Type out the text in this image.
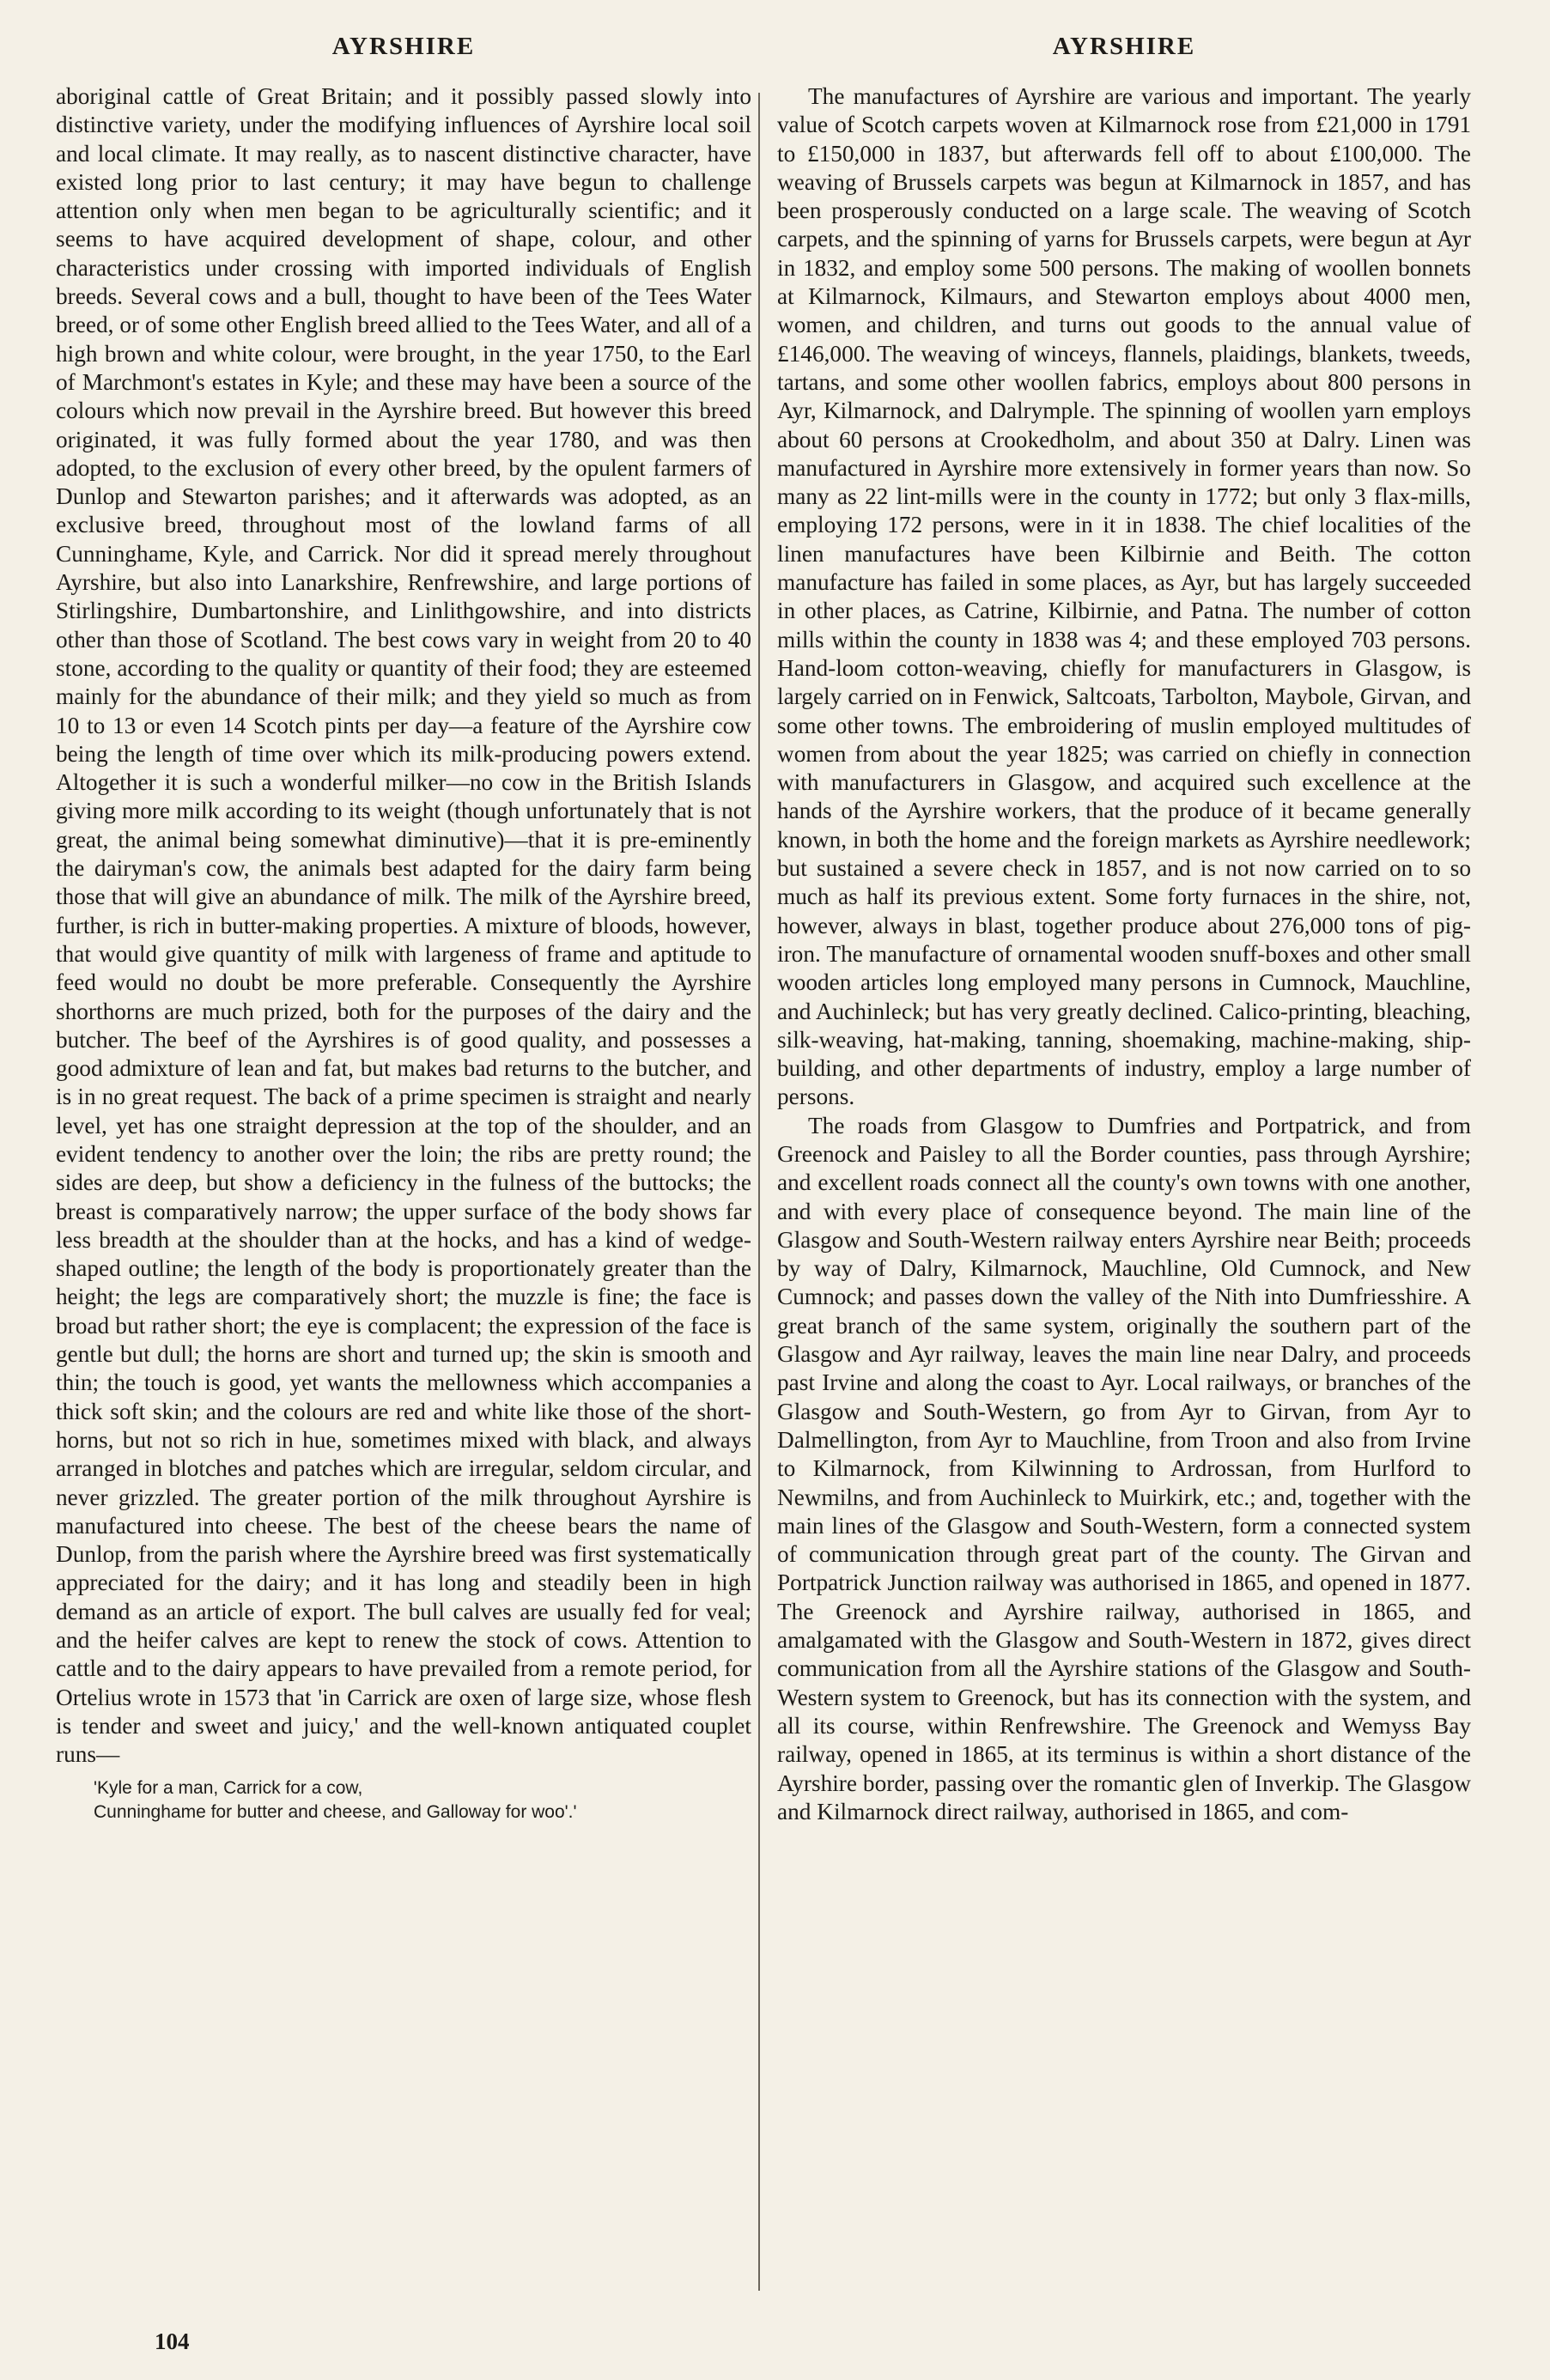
AYRSHIRE

aboriginal cattle of Great Britain; and it possibly passed slowly into distinctive variety, under the modifying influences of Ayrshire local soil and local climate. It may really, as to nascent distinctive character, have existed long prior to last century; it may have begun to challenge attention only when men began to be agriculturally scientific; and it seems to have acquired development of shape, colour, and other characteristics under crossing with imported individuals of English breeds. Several cows and a bull, thought to have been of the Tees Water breed, or of some other English breed allied to the Tees Water, and all of a high brown and white colour, were brought, in the year 1750, to the Earl of Marchmont's estates in Kyle; and these may have been a source of the colours which now prevail in the Ayrshire breed. But however this breed originated, it was fully formed about the year 1780, and was then adopted, to the exclusion of every other breed, by the opulent farmers of Dunlop and Stewarton parishes; and it afterwards was adopted, as an exclusive breed, throughout most of the lowland farms of all Cunninghame, Kyle, and Carrick. Nor did it spread merely throughout Ayrshire, but also into Lanarkshire, Renfrewshire, and large portions of Stirlingshire, Dumbartonshire, and Linlithgowshire, and into districts other than those of Scotland. The best cows vary in weight from 20 to 40 stone, according to the quality or quantity of their food; they are esteemed mainly for the abundance of their milk; and they yield so much as from 10 to 13 or even 14 Scotch pints per day—a feature of the Ayrshire cow being the length of time over which its milk-producing powers extend. Altogether it is such a wonderful milker—no cow in the British Islands giving more milk according to its weight (though unfortunately that is not great, the animal being somewhat diminutive)—that it is pre-eminently the dairyman's cow, the animals best adapted for the dairy farm being those that will give an abundance of milk. The milk of the Ayrshire breed, further, is rich in butter-making properties. A mixture of bloods, however, that would give quantity of milk with largeness of frame and aptitude to feed would no doubt be more preferable. Consequently the Ayrshire shorthorns are much prized, both for the purposes of the dairy and the butcher. The beef of the Ayrshires is of good quality, and possesses a good admixture of lean and fat, but makes bad returns to the butcher, and is in no great request. The back of a prime specimen is straight and nearly level, yet has one straight depression at the top of the shoulder, and an evident tendency to another over the loin; the ribs are pretty round; the sides are deep, but show a deficiency in the fulness of the buttocks; the breast is comparatively narrow; the upper surface of the body shows far less breadth at the shoulder than at the hocks, and has a kind of wedge-shaped outline; the length of the body is proportionately greater than the height; the legs are comparatively short; the muzzle is fine; the face is broad but rather short; the eye is complacent; the expression of the face is gentle but dull; the horns are short and turned up; the skin is smooth and thin; the touch is good, yet wants the mellowness which accompanies a thick soft skin; and the colours are red and white like those of the short-horns, but not so rich in hue, sometimes mixed with black, and always arranged in blotches and patches which are irregular, seldom circular, and never grizzled. The greater portion of the milk throughout Ayrshire is manufactured into cheese. The best of the cheese bears the name of Dunlop, from the parish where the Ayrshire breed was first systematically appreciated for the dairy; and it has long and steadily been in high demand as an article of export. The bull calves are usually fed for veal; and the heifer calves are kept to renew the stock of cows. Attention to cattle and to the dairy appears to have prevailed from a remote period, for Ortelius wrote in 1573 that 'in Carrick are oxen of large size, whose flesh is tender and sweet and juicy,' and the well-known antiquated couplet runs—

'Kyle for a man, Carrick for a cow,
Cunninghame for butter and cheese, and Galloway for woo'.'
AYRSHIRE

The manufactures of Ayrshire are various and important. The yearly value of Scotch carpets woven at Kilmarnock rose from £21,000 in 1791 to £150,000 in 1837, but afterwards fell off to about £100,000. The weaving of Brussels carpets was begun at Kilmarnock in 1857, and has been prosperously conducted on a large scale. The weaving of Scotch carpets, and the spinning of yarns for Brussels carpets, were begun at Ayr in 1832, and employ some 500 persons. The making of woollen bonnets at Kilmarnock, Kilmaurs, and Stewarton employs about 4000 men, women, and children, and turns out goods to the annual value of £146,000. The weaving of winceys, flannels, plaidings, blankets, tweeds, tartans, and some other woollen fabrics, employs about 800 persons in Ayr, Kilmarnock, and Dalrymple. The spinning of woollen yarn employs about 60 persons at Crookedholm, and about 350 at Dalry. Linen was manufactured in Ayrshire more extensively in former years than now. So many as 22 lint-mills were in the county in 1772; but only 3 flax-mills, employing 172 persons, were in it in 1838. The chief localities of the linen manufactures have been Kilbirnie and Beith. The cotton manufacture has failed in some places, as Ayr, but has largely succeeded in other places, as Catrine, Kilbirnie, and Patna. The number of cotton mills within the county in 1838 was 4; and these employed 703 persons. Hand-loom cotton-weaving, chiefly for manufacturers in Glasgow, is largely carried on in Fenwick, Saltcoats, Tarbolton, Maybole, Girvan, and some other towns. The embroidering of muslin employed multitudes of women from about the year 1825; was carried on chiefly in connection with manufacturers in Glasgow, and acquired such excellence at the hands of the Ayrshire workers, that the produce of it became generally known, in both the home and the foreign markets as Ayrshire needlework; but sustained a severe check in 1857, and is not now carried on to so much as half its previous extent. Some forty furnaces in the shire, not, however, always in blast, together produce about 276,000 tons of pig-iron. The manufacture of ornamental wooden snuff-boxes and other small wooden articles long employed many persons in Cumnock, Mauchline, and Auchinleck; but has very greatly declined. Calico-printing, bleaching, silk-weaving, hat-making, tanning, shoemaking, machine-making, ship-building, and other departments of industry, employ a large number of persons.

The roads from Glasgow to Dumfries and Portpatrick, and from Greenock and Paisley to all the Border counties, pass through Ayrshire; and excellent roads connect all the county's own towns with one another, and with every place of consequence beyond. The main line of the Glasgow and South-Western railway enters Ayrshire near Beith; proceeds by way of Dalry, Kilmarnock, Mauchline, Old Cumnock, and New Cumnock; and passes down the valley of the Nith into Dumfriesshire. A great branch of the same system, originally the southern part of the Glasgow and Ayr railway, leaves the main line near Dalry, and proceeds past Irvine and along the coast to Ayr. Local railways, or branches of the Glasgow and South-Western, go from Ayr to Girvan, from Ayr to Dalmellington, from Ayr to Mauchline, from Troon and also from Irvine to Kilmarnock, from Kilwinning to Ardrossan, from Hurlford to Newmilns, and from Auchinleck to Muirkirk, etc.; and, together with the main lines of the Glasgow and South-Western, form a connected system of communication through great part of the county. The Girvan and Portpatrick Junction railway was authorised in 1865, and opened in 1877. The Greenock and Ayrshire railway, authorised in 1865, and amalgamated with the Glasgow and South-Western in 1872, gives direct communication from all the Ayrshire stations of the Glasgow and South-Western system to Greenock, but has its connection with the system, and all its course, within Renfrewshire. The Greenock and Wemyss Bay railway, opened in 1865, at its terminus is within a short distance of the Ayrshire border, passing over the romantic glen of Inverkip. The Glasgow and Kilmarnock direct railway, authorised in 1865, and com-

104
